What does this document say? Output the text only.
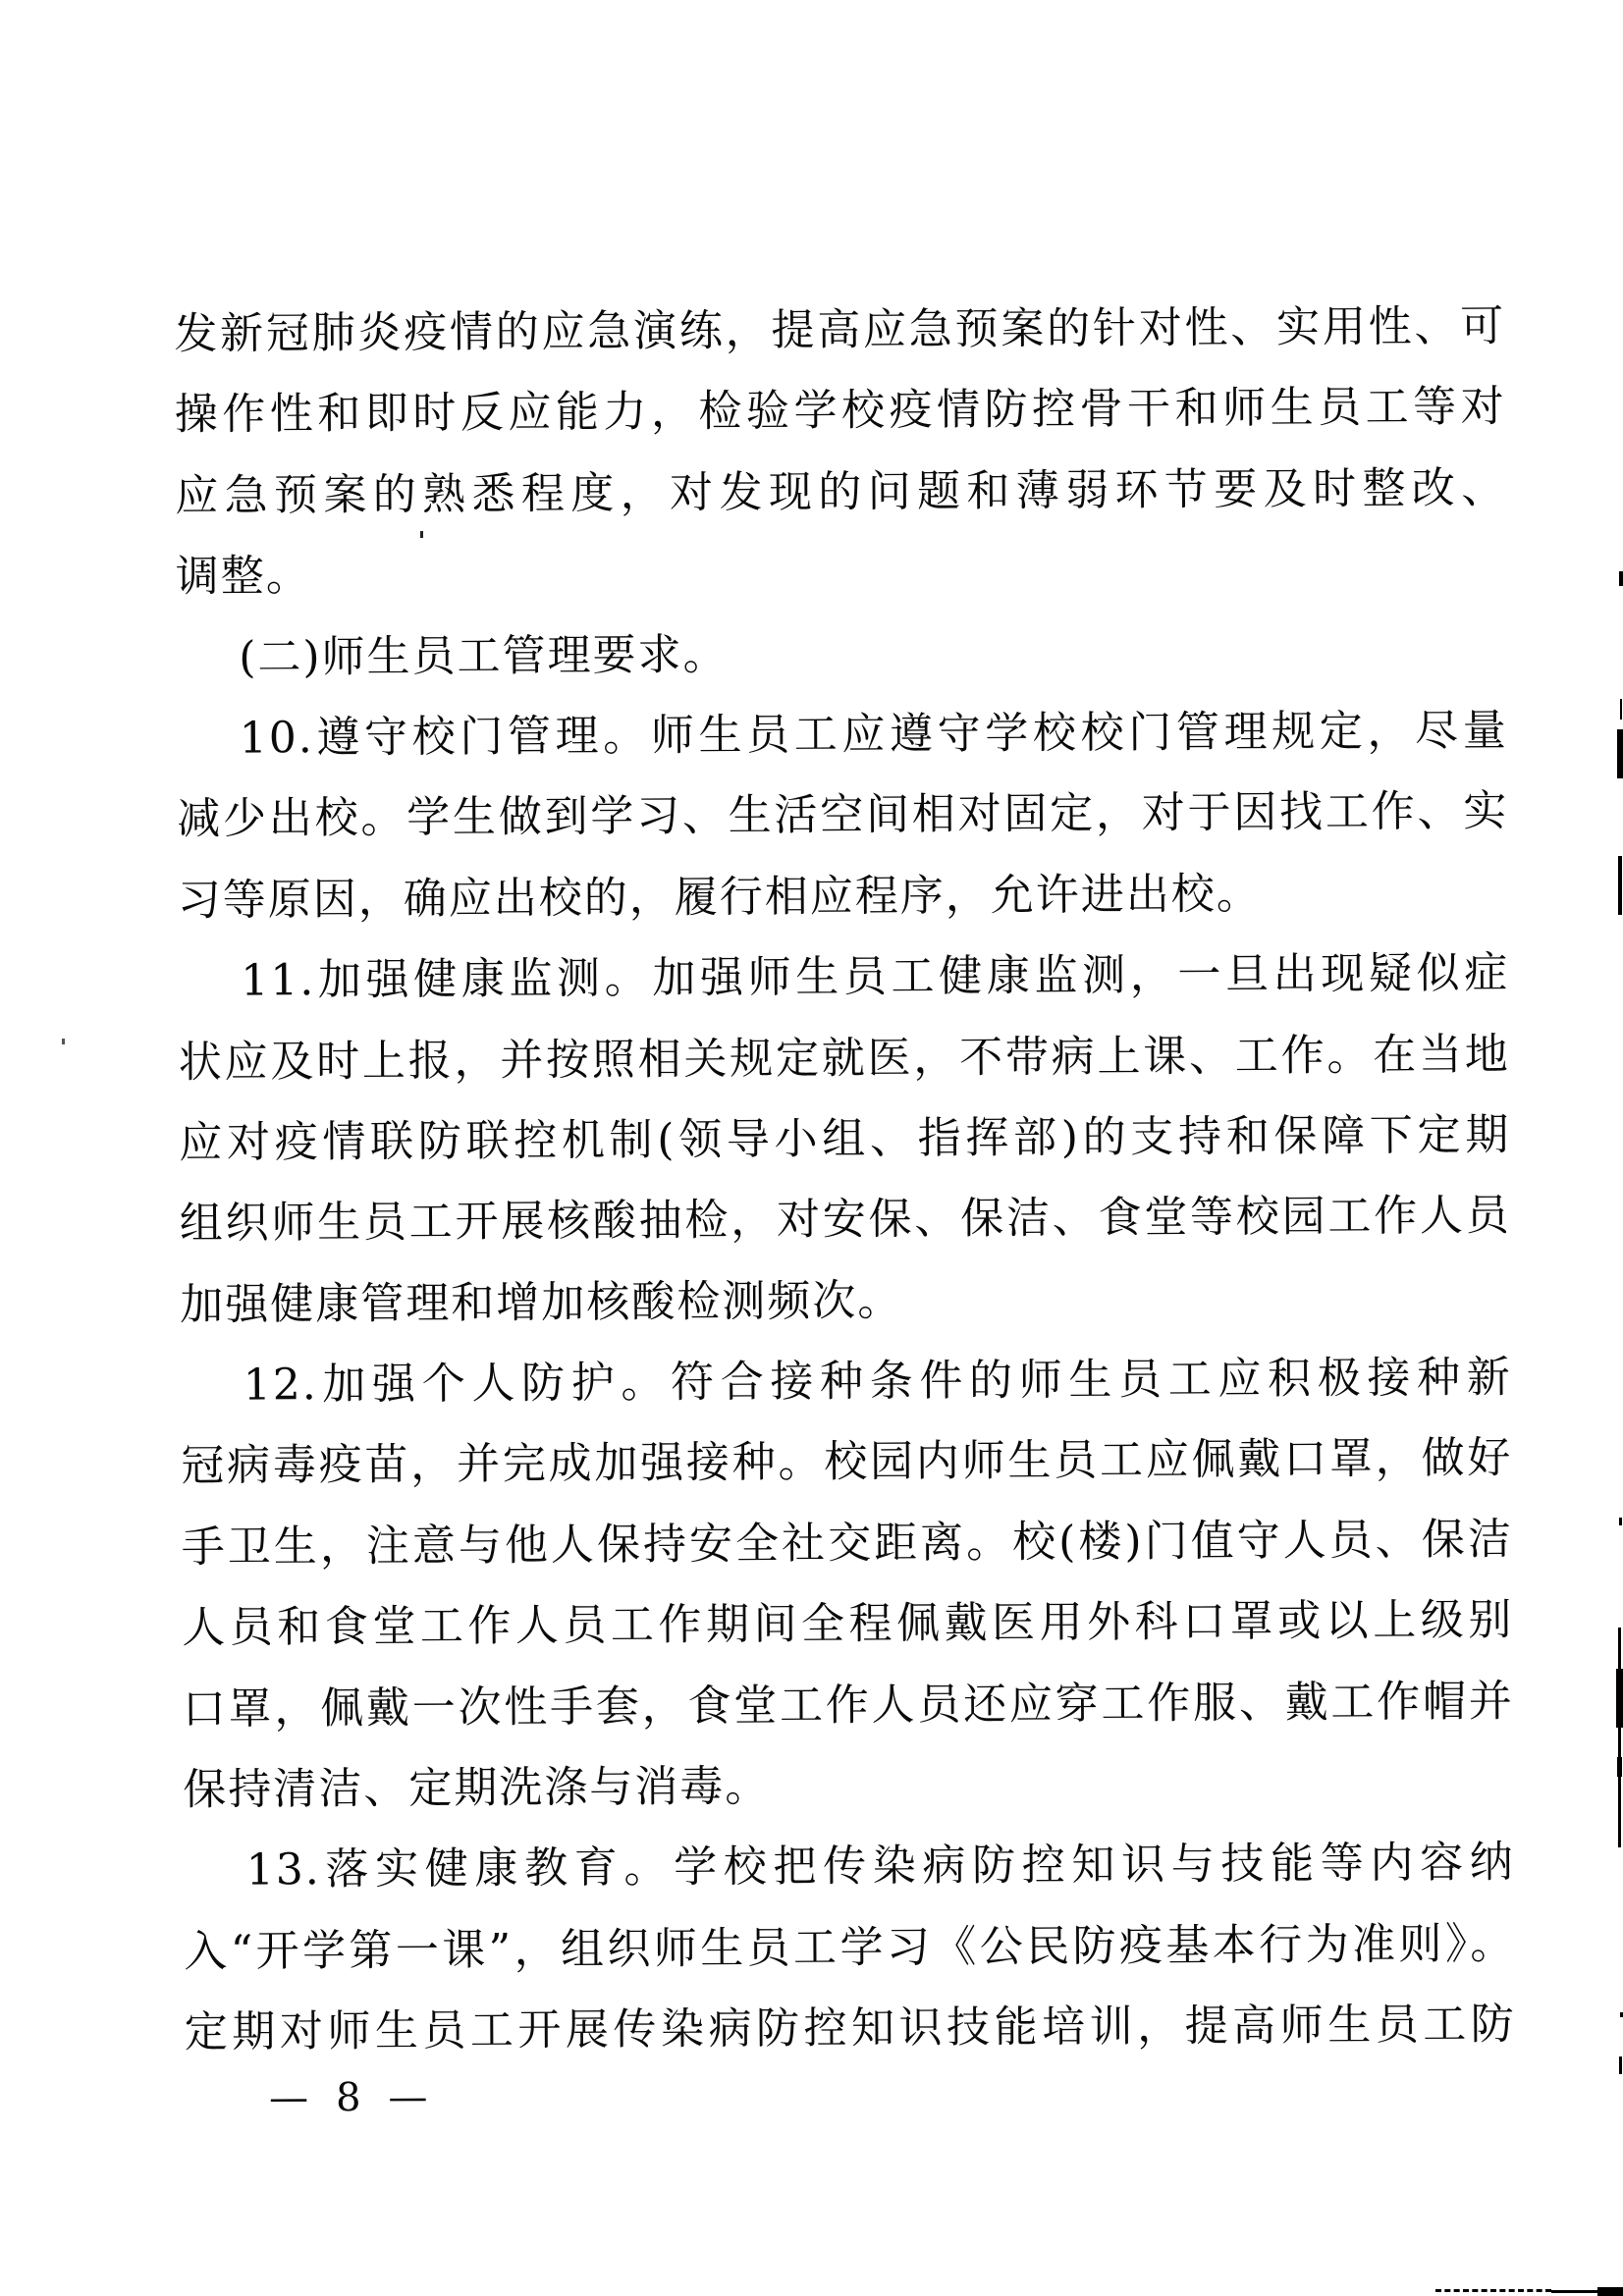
发新冠肺炎疫情的应急演练，提高应急预案的针对性、实用性、可
操作性和即时反应能力，检验学校疫情防控骨干和师生员工等对
应急预案的熟悉程度，对发现的问题和薄弱环节要及时整改、
调整。
(二)师生员工管理要求。
10.遵守校门管理。师生员工应遵守学校校门管理规定，尽量
减少出校。学生做到学习、生活空间相对固定，对于因找工作、实
习等原因，确应出校的，履行相应程序，允许进出校。
11.加强健康监测。加强师生员工健康监测，一旦出现疑似症
状应及时上报，并按照相关规定就医，不带病上课、工作。在当地
应对疫情联防联控机制(领导小组、指挥部)的支持和保障下定期
组织师生员工开展核酸抽检，对安保、保洁、食堂等校园工作人员
加强健康管理和增加核酸检测频次。
12.加强个人防护。符合接种条件的师生员工应积极接种新
冠病毒疫苗，并完成加强接种。校园内师生员工应佩戴口罩，做好
手卫生，注意与他人保持安全社交距离。校(楼)门值守人员、保洁
人员和食堂工作人员工作期间全程佩戴医用外科口罩或以上级别
口罩，佩戴一次性手套，食堂工作人员还应穿工作服、戴工作帽并
保持清洁、定期洗涤与消毒。
13.落实健康教育。学校把传染病防控知识与技能等内容纳
入“开学第一课”，组织师生员工学习《公民防疫基本行为准则》。
定期对师生员工开展传染病防控知识技能培训，提高师生员工防
— 8 —
